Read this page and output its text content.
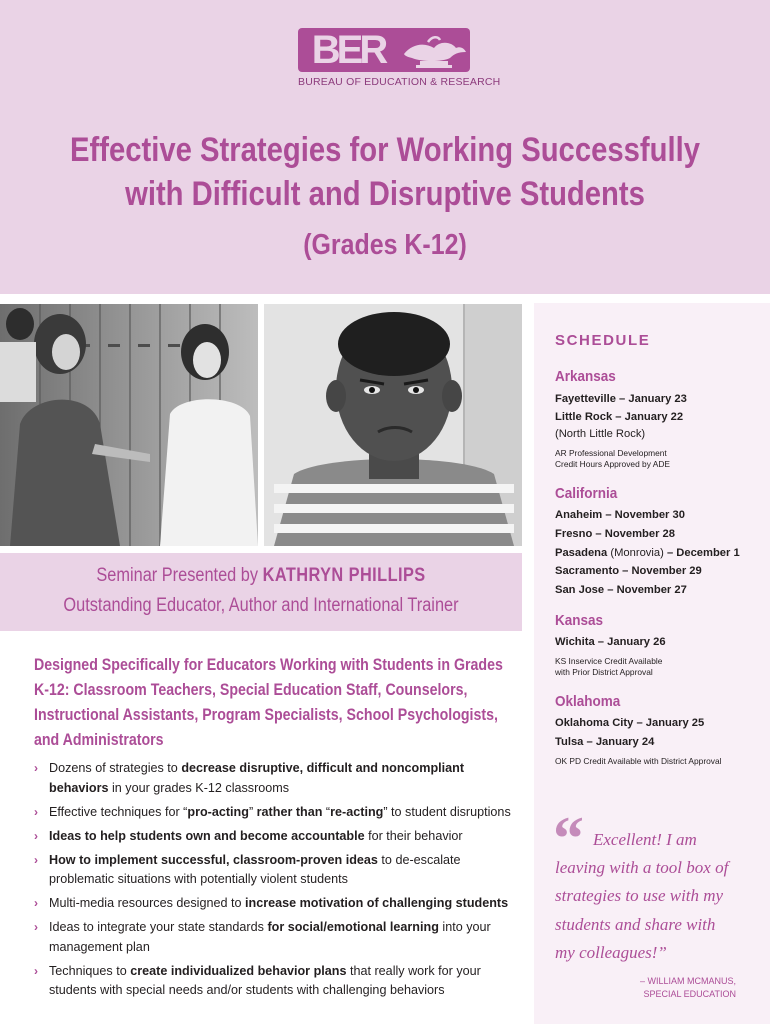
BER
BUREAU OF EDUCATION & RESEARCH
Effective Strategies for Working Successfully
with Difficult and Disruptive Students
(Grades K-12)
Seminar Presented by KATHRYN PHILLIPS
Outstanding Educator, Author and International Trainer
Designed Specifically for Educators Working with Students in Grades K-12: Classroom Teachers, Special Education Staff, Counselors, Instructional Assistants, Program Specialists, School Psychologists, and Administrators
› Dozens of strategies to decrease disruptive, difficult and noncompliant behaviors in your grades K-12 classrooms
› Effective techniques for “pro-acting” rather than “re-acting” to student disruptions
› Ideas to help students own and become accountable for their behavior
› How to implement successful, classroom-proven ideas to de-escalate problematic situations with potentially violent students
› Multi-media resources designed to increase motivation of challenging students
› Ideas to integrate your state standards for social/emotional learning into your management plan
› Techniques to create individualized behavior plans that really work for your students with special needs and/or students with challenging behaviors
SCHEDULE
Arkansas
Fayetteville – January 23
Little Rock – January 22
(North Little Rock)
AR Professional Development
Credit Hours Approved by ADE
California
Anaheim – November 30
Fresno – November 28
Pasadena (Monrovia) – December 1
Sacramento – November 29
San Jose – November 27
Kansas
Wichita – January 26
KS Inservice Credit Available
with Prior District Approval
Oklahoma
Oklahoma City – January 25
Tulsa – January 24
OK PD Credit Available with District Approval
“ Excellent! I am
leaving with a tool box of
strategies to use with my
students and share with
my colleagues!”
– WILLIAM MCMANUS,
SPECIAL EDUCATION
